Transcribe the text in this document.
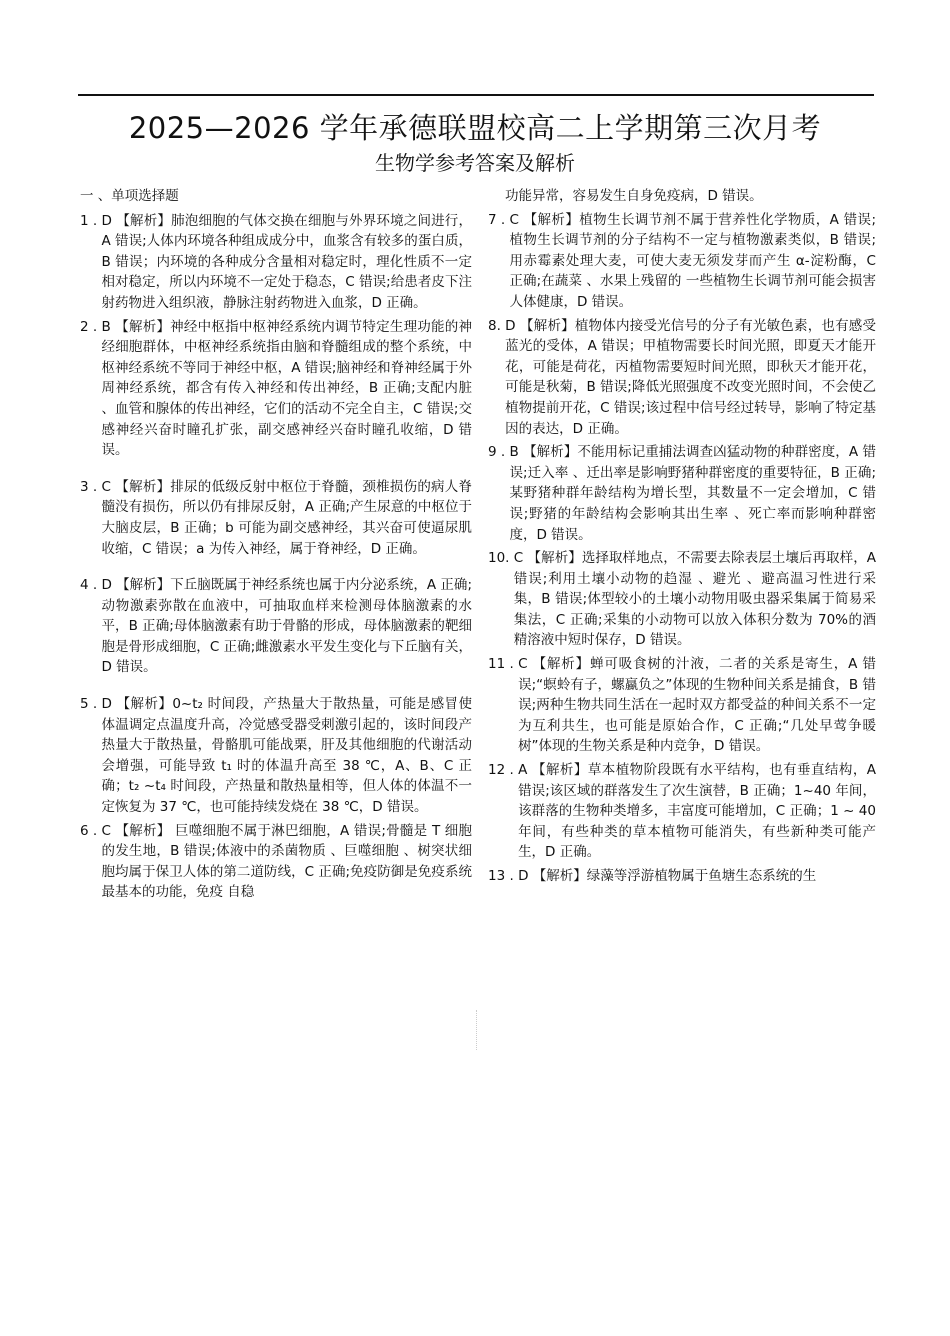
2025—2026 学年承德联盟校高二上学期第三次月考
生物学参考答案及解析
一 、单项选择题
1 . D 【解析】肺泡细胞的气体交换在细胞与外界环境之间进行，A 错误;人体内环境各种组成成分中，血浆含有较多的蛋白质，B 错误；内环境的各种成分含量相对稳定时，理化性质不一定相对稳定，所以内环境不一定处于稳态，C 错误;给患者皮下注射药物进入组织液，静脉注射药物进入血浆，D 正确。
2 . B 【解析】神经中枢指中枢神经系统内调节特定生理功能的神经细胞群体，中枢神经系统指由脑和脊髓组成的整个系统，中枢神经系统不等同于神经中枢，A 错误;脑神经和脊神经属于外周神经系统，都含有传入神经和传出神经，B 正确;支配内脏 、血管和腺体的传出神经，它们的活动不完全自主，C 错误;交感神经兴奋时瞳孔扩张，副交感神经兴奋时瞳孔收缩，D 错误。
3 . C 【解析】排尿的低级反射中枢位于脊髓，颈椎损伤的病人脊髓没有损伤，所以仍有排尿反射，A 正确;产生尿意的中枢位于大脑皮层，B 正确；b 可能为副交感神经，其兴奋可使逼尿肌收缩，C 错误；a 为传入神经，属于脊神经，D 正确。
4 . D 【解析】下丘脑既属于神经系统也属于内分泌系统，A 正确;动物激素弥散在血液中，可抽取血样来检测母体脑激素的水平，B 正确;母体脑激素有助于骨骼的形成，母体脑激素的靶细胞是骨形成细胞，C 正确;雌激素水平发生变化与下丘脑有关，D 错误。
5 . D 【解析】0~t₂ 时间段，产热量大于散热量，可能是感冒使体温调定点温度升高，冷觉感受器受刺激引起的，该时间段产热量大于散热量，骨骼肌可能战栗，肝及其他细胞的代谢活动会增强，可能导致 t₁ 时的体温升高至 38 ℃，A、B、C 正确；t₂ ~t₄ 时间段，产热量和散热量相等，但人体的体温不一定恢复为 37 ℃，也可能持续发烧在 38 ℃，D 错误。
6 . C 【解析】 巨噬细胞不属于淋巴细胞，A 错误;骨髓是 T 细胞的发生地，B 错误;体液中的杀菌物质 、巨噬细胞 、树突状细胞均属于保卫人体的第二道防线，C 正确;免疫防御是免疫系统最基本的功能，免疫 自稳
功能异常，容易发生自身免疫病，D 错误。
7 . C 【解析】植物生长调节剂不属于营养性化学物质，A 错误;植物生长调节剂的分子结构不一定与植物激素类似，B 错误;用赤霉素处理大麦，可使大麦无须发芽而产生 α-淀粉酶，C 正确;在蔬菜 、水果上残留的 一些植物生长调节剂可能会损害人体健康，D 错误。
8. D 【解析】植物体内接受光信号的分子有光敏色素，也有感受蓝光的受体，A 错误；甲植物需要长时间光照，即夏天才能开花，可能是荷花，丙植物需要短时间光照，即秋天才能开花，可能是秋菊，B 错误;降低光照强度不改变光照时间，不会使乙植物提前开花，C 错误;该过程中信号经过转导，影响了特定基因的表达，D 正确。
9 . B 【解析】不能用标记重捕法调查凶猛动物的种群密度，A 错误;迁入率 、迁出率是影响野猪种群密度的重要特征，B 正确;某野猪种群年龄结构为增长型，其数量不一定会增加，C 错误;野猪的年龄结构会影响其出生率 、死亡率而影响种群密度，D 错误。
10. C 【解析】选择取样地点，不需要去除表层土壤后再取样，A 错误;利用土壤小动物的趋湿 、避光 、避高温习性进行采集，B 错误;体型较小的土壤小动物用吸虫器采集属于简易采集法，C 正确;采集的小动物可以放入体积分数为 70%的酒精溶液中短时保存，D 错误。
11 . C 【解析】蝉可吸食树的汁液，二者的关系是寄生，A 错误;“螟蛉有子，螺蠃负之”体现的生物种间关系是捕食，B 错误;两种生物共同生活在一起时双方都受益的种间关系不一定为互利共生，也可能是原始合作，C 正确;“几处早莺争暖树”体现的生物关系是种内竞争，D 错误。
12 . A 【解析】草本植物阶段既有水平结构，也有垂直结构，A 错误;该区域的群落发生了次生演替，B 正确；1~40 年间，该群落的生物种类增多，丰富度可能增加，C 正确；1 ~ 40 年间，有些种类的草本植物可能消失，有些新种类可能产生，D 正确。
13 . D 【解析】绿藻等浮游植物属于鱼塘生态系统的生
